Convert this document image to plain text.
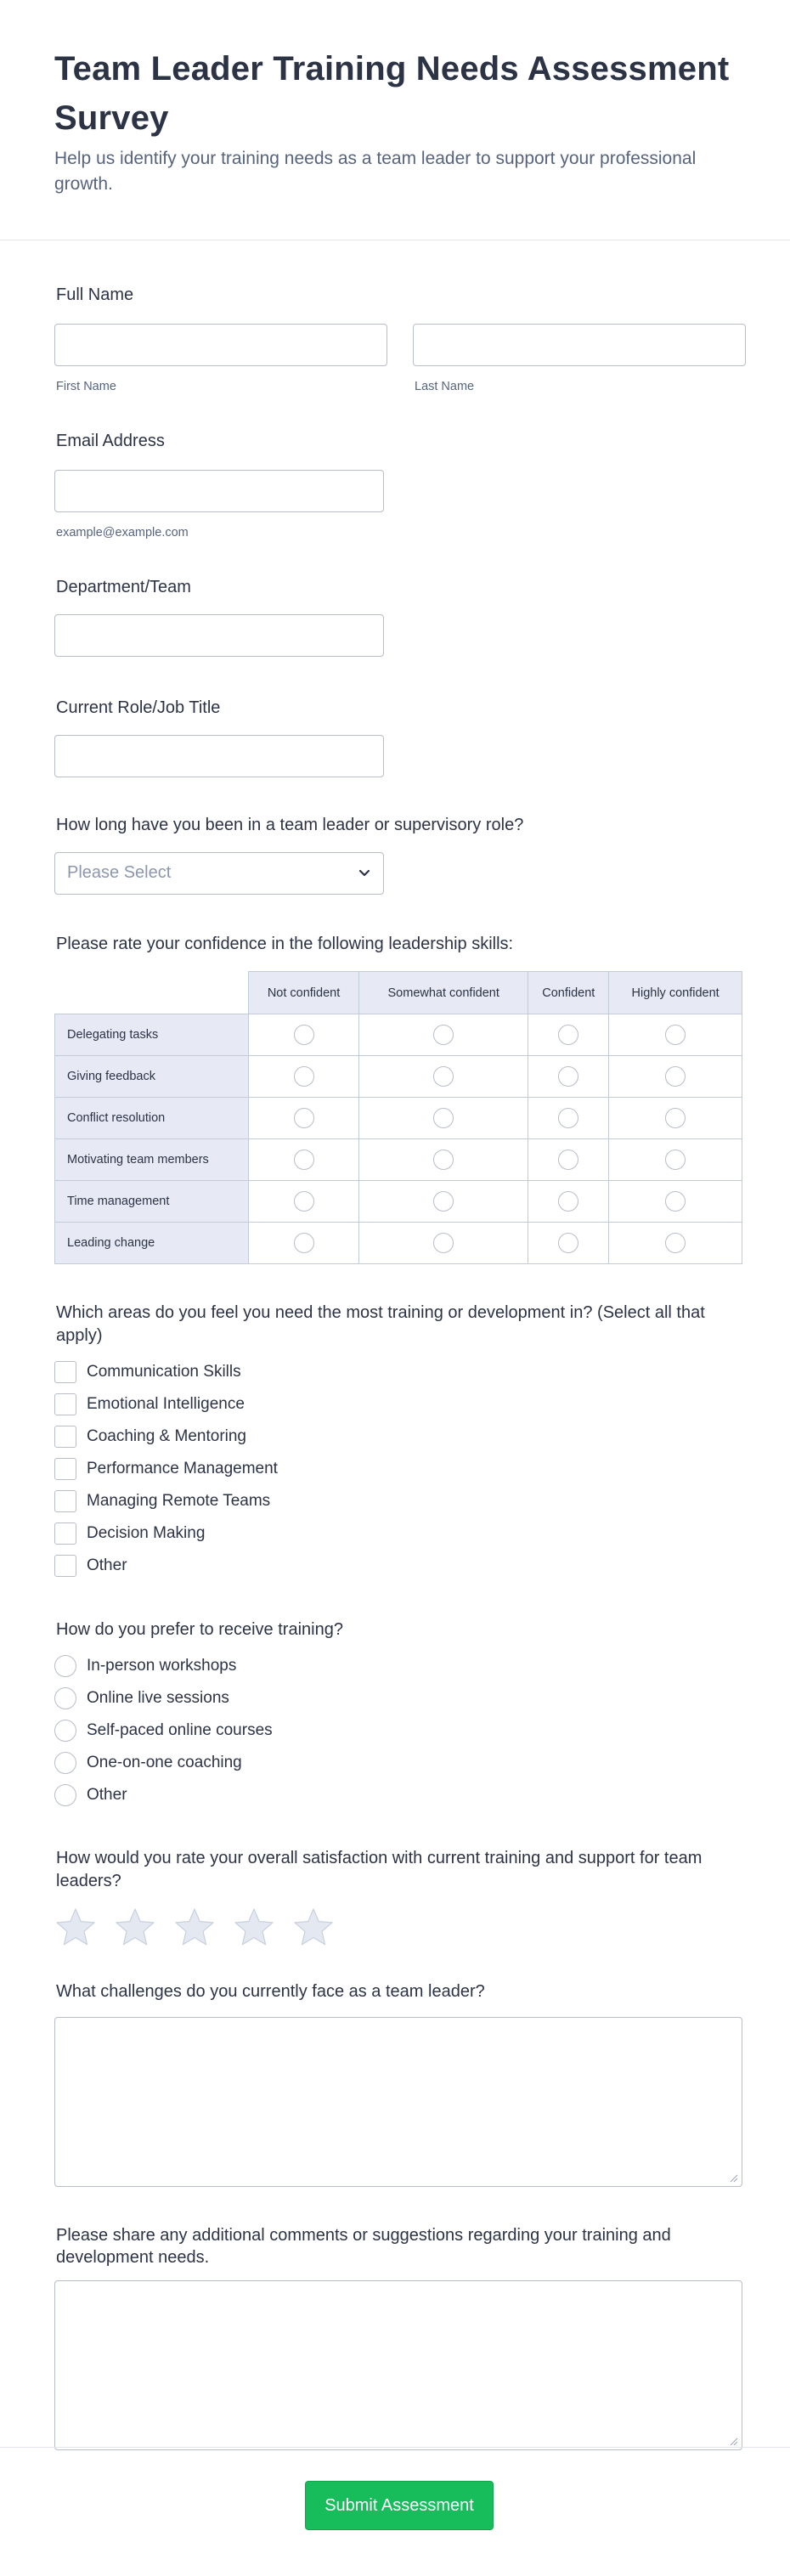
Team Leader Training Needs Assessment Survey
Help us identify your training needs as a team leader to support your professional growth.
Full Name
First Name	Last Name
Email Address
example@example.com
Department/Team
Current Role/Job Title
How long have you been in a team leader or supervisory role?
Please Select
Please rate your confidence in the following leadership skills:
	Not confident	Somewhat confident	Confident	Highly confident
Delegating tasks				
Giving feedback				
Conflict resolution				
Motivating team members				
Time management				
Leading change				
Which areas do you feel you need the most training or development in? (Select all that apply)
Communication Skills
Emotional Intelligence
Coaching & Mentoring
Performance Management
Managing Remote Teams
Decision Making
Other
How do you prefer to receive training?
In-person workshops
Online live sessions
Self-paced online courses
One-on-one coaching
Other
How would you rate your overall satisfaction with current training and support for team leaders?
What challenges do you currently face as a team leader?
Please share any additional comments or suggestions regarding your training and development needs.
Submit Assessment
